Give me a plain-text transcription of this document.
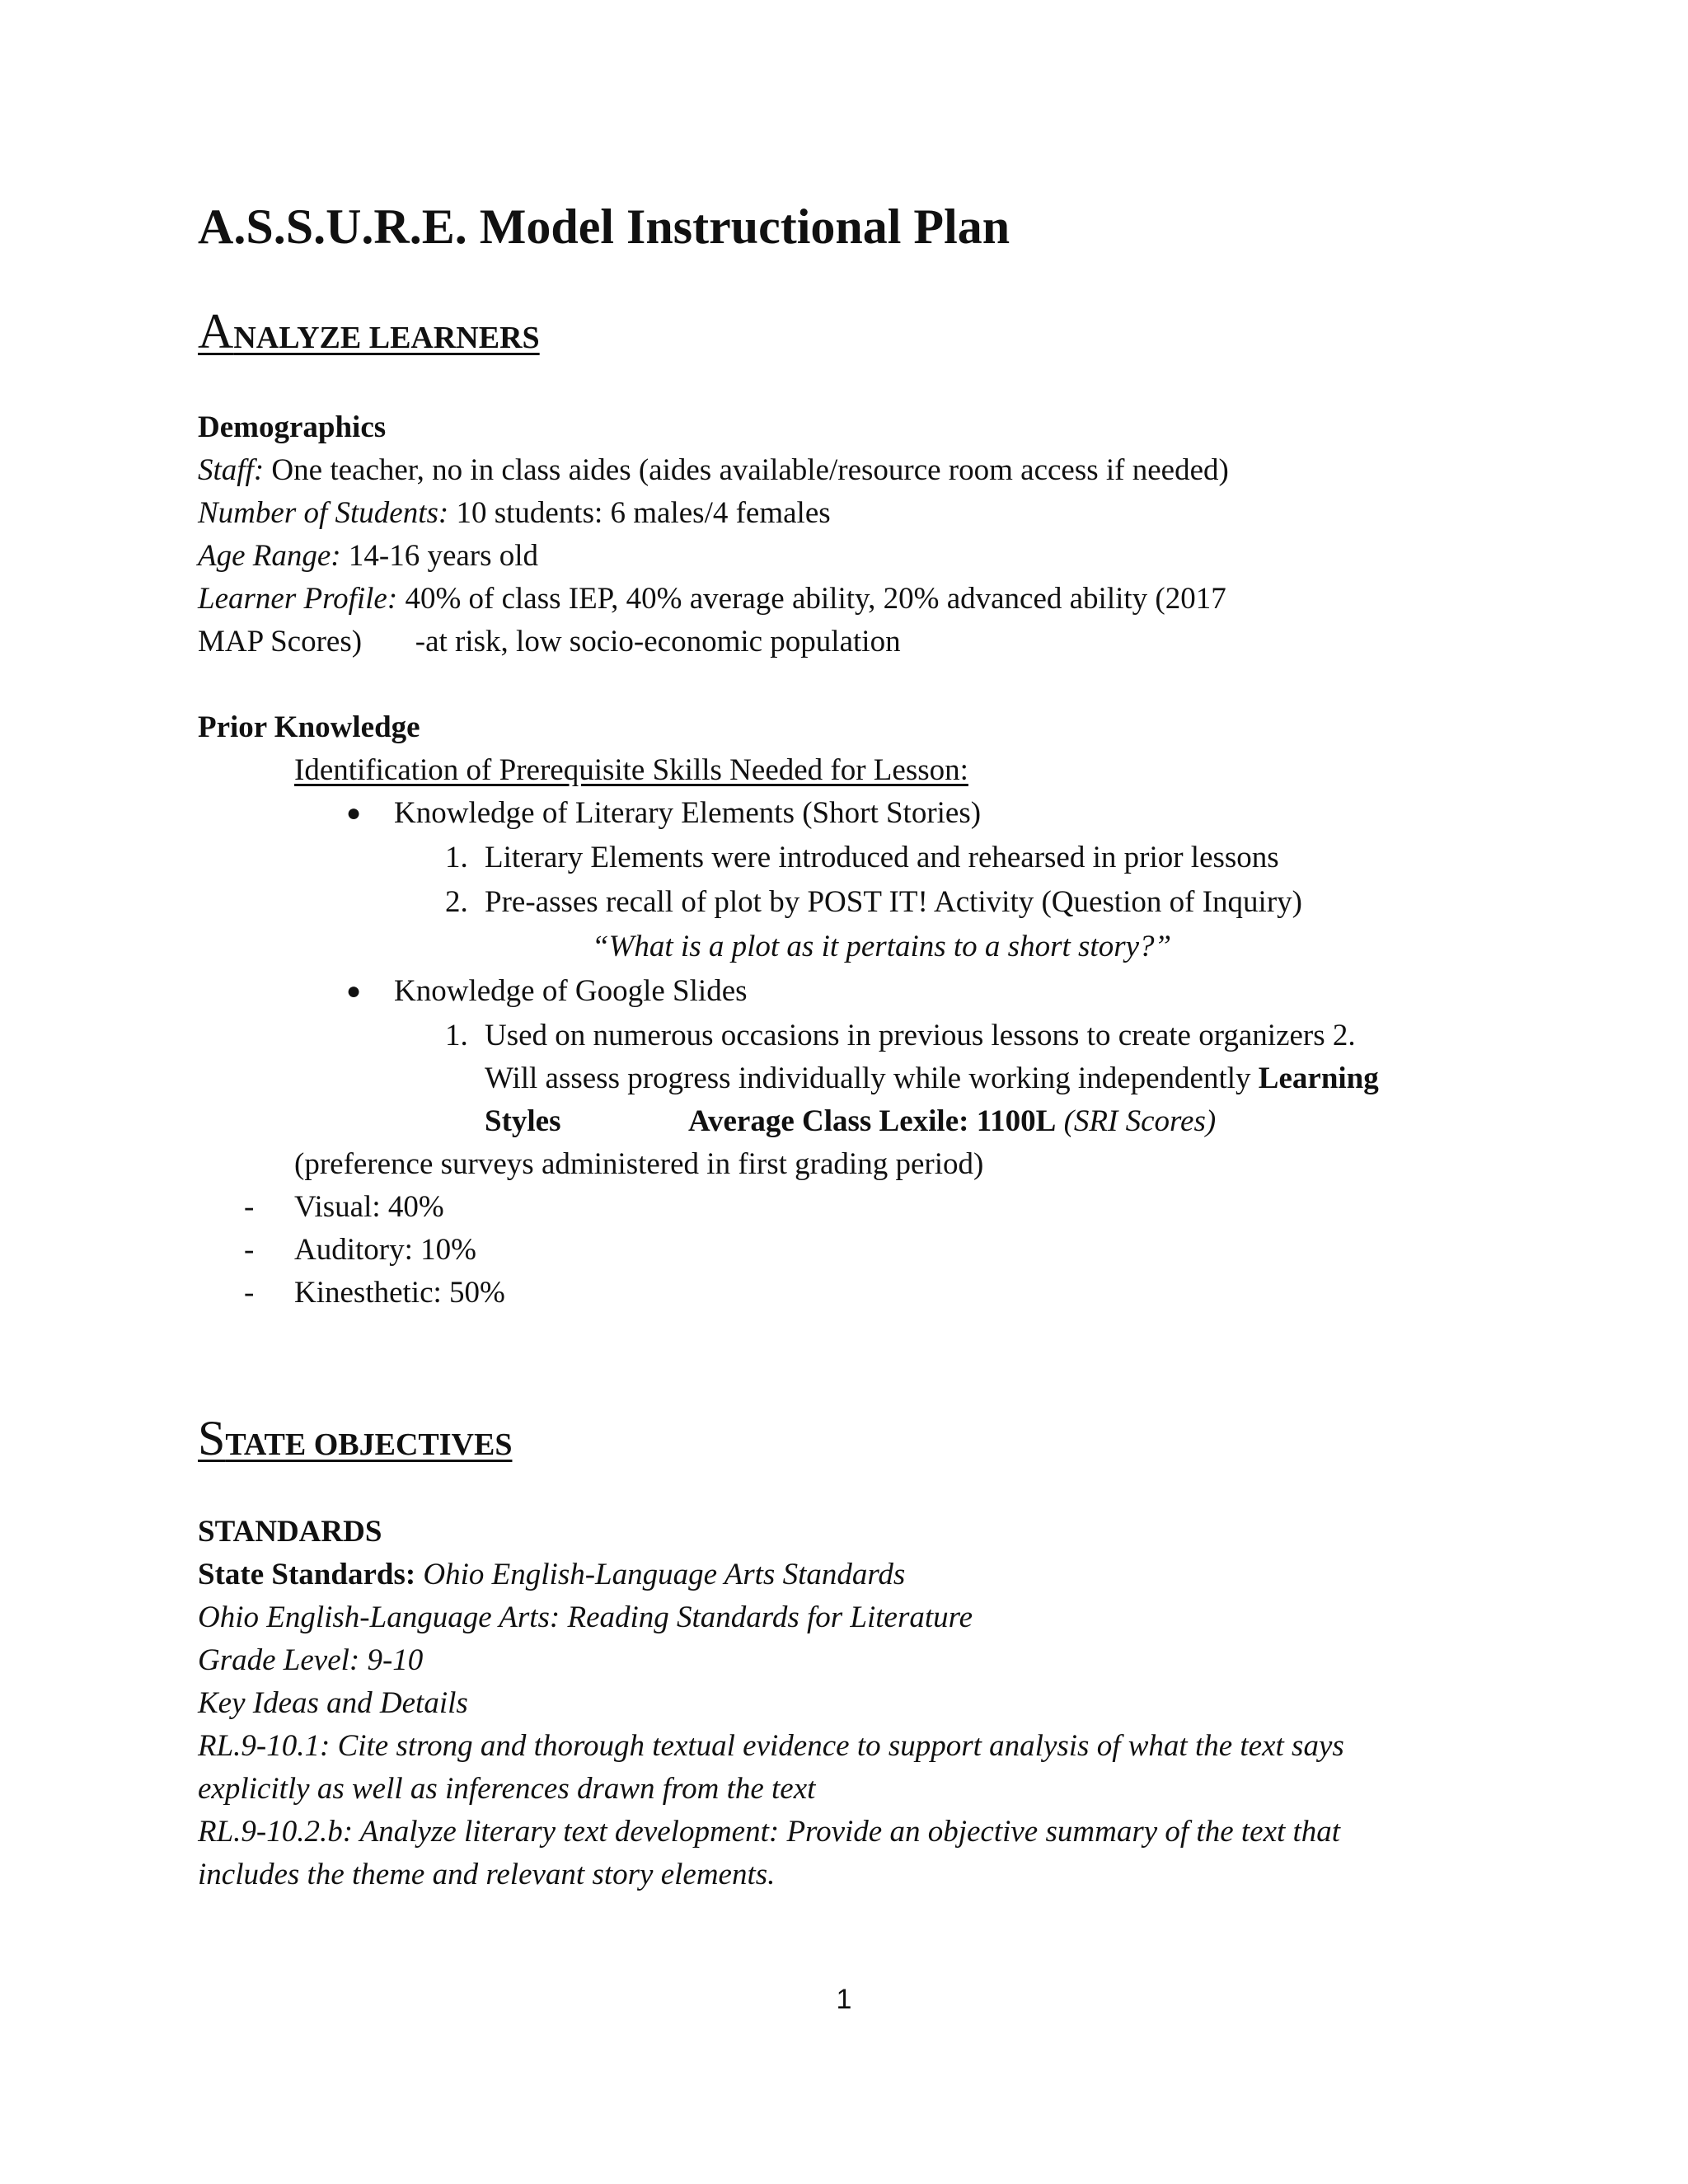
A.S.S.U.R.E. Model Instructional Plan
ANALYZE LEARNERS
Demographics
Staff: One teacher, no in class aides (aides available/resource room access if needed)
Number of Students: 10 students: 6 males/4 females
Age Range: 14-16 years old
Learner Profile: 40% of class IEP, 40% average ability, 20% advanced ability (2017
MAP Scores)       -at risk, low socio-economic population
Prior Knowledge
Identification of Prerequisite Skills Needed for Lesson:
● Knowledge of Literary Elements (Short Stories)
1. Literary Elements were introduced and rehearsed in prior lessons
2. Pre-asses recall of plot by POST IT! Activity (Question of Inquiry)
“What is a plot as it pertains to a short story?”
● Knowledge of Google Slides
1. Used on numerous occasions in previous lessons to create organizers 2.
Will assess progress individually while working independently Learning
Styles	Average Class Lexile: 1100L (SRI Scores)
(preference surveys administered in first grading period)
- Visual: 40%
- Auditory: 10%
- Kinesthetic: 50%
STATE OBJECTIVES
STANDARDS
State Standards: Ohio English-Language Arts Standards
Ohio English-Language Arts: Reading Standards for Literature
Grade Level: 9-10
Key Ideas and Details
RL.9-10.1: Cite strong and thorough textual evidence to support analysis of what the text says
explicitly as well as inferences drawn from the text
RL.9-10.2.b: Analyze literary text development: Provide an objective summary of the text that
includes the theme and relevant story elements.
1
